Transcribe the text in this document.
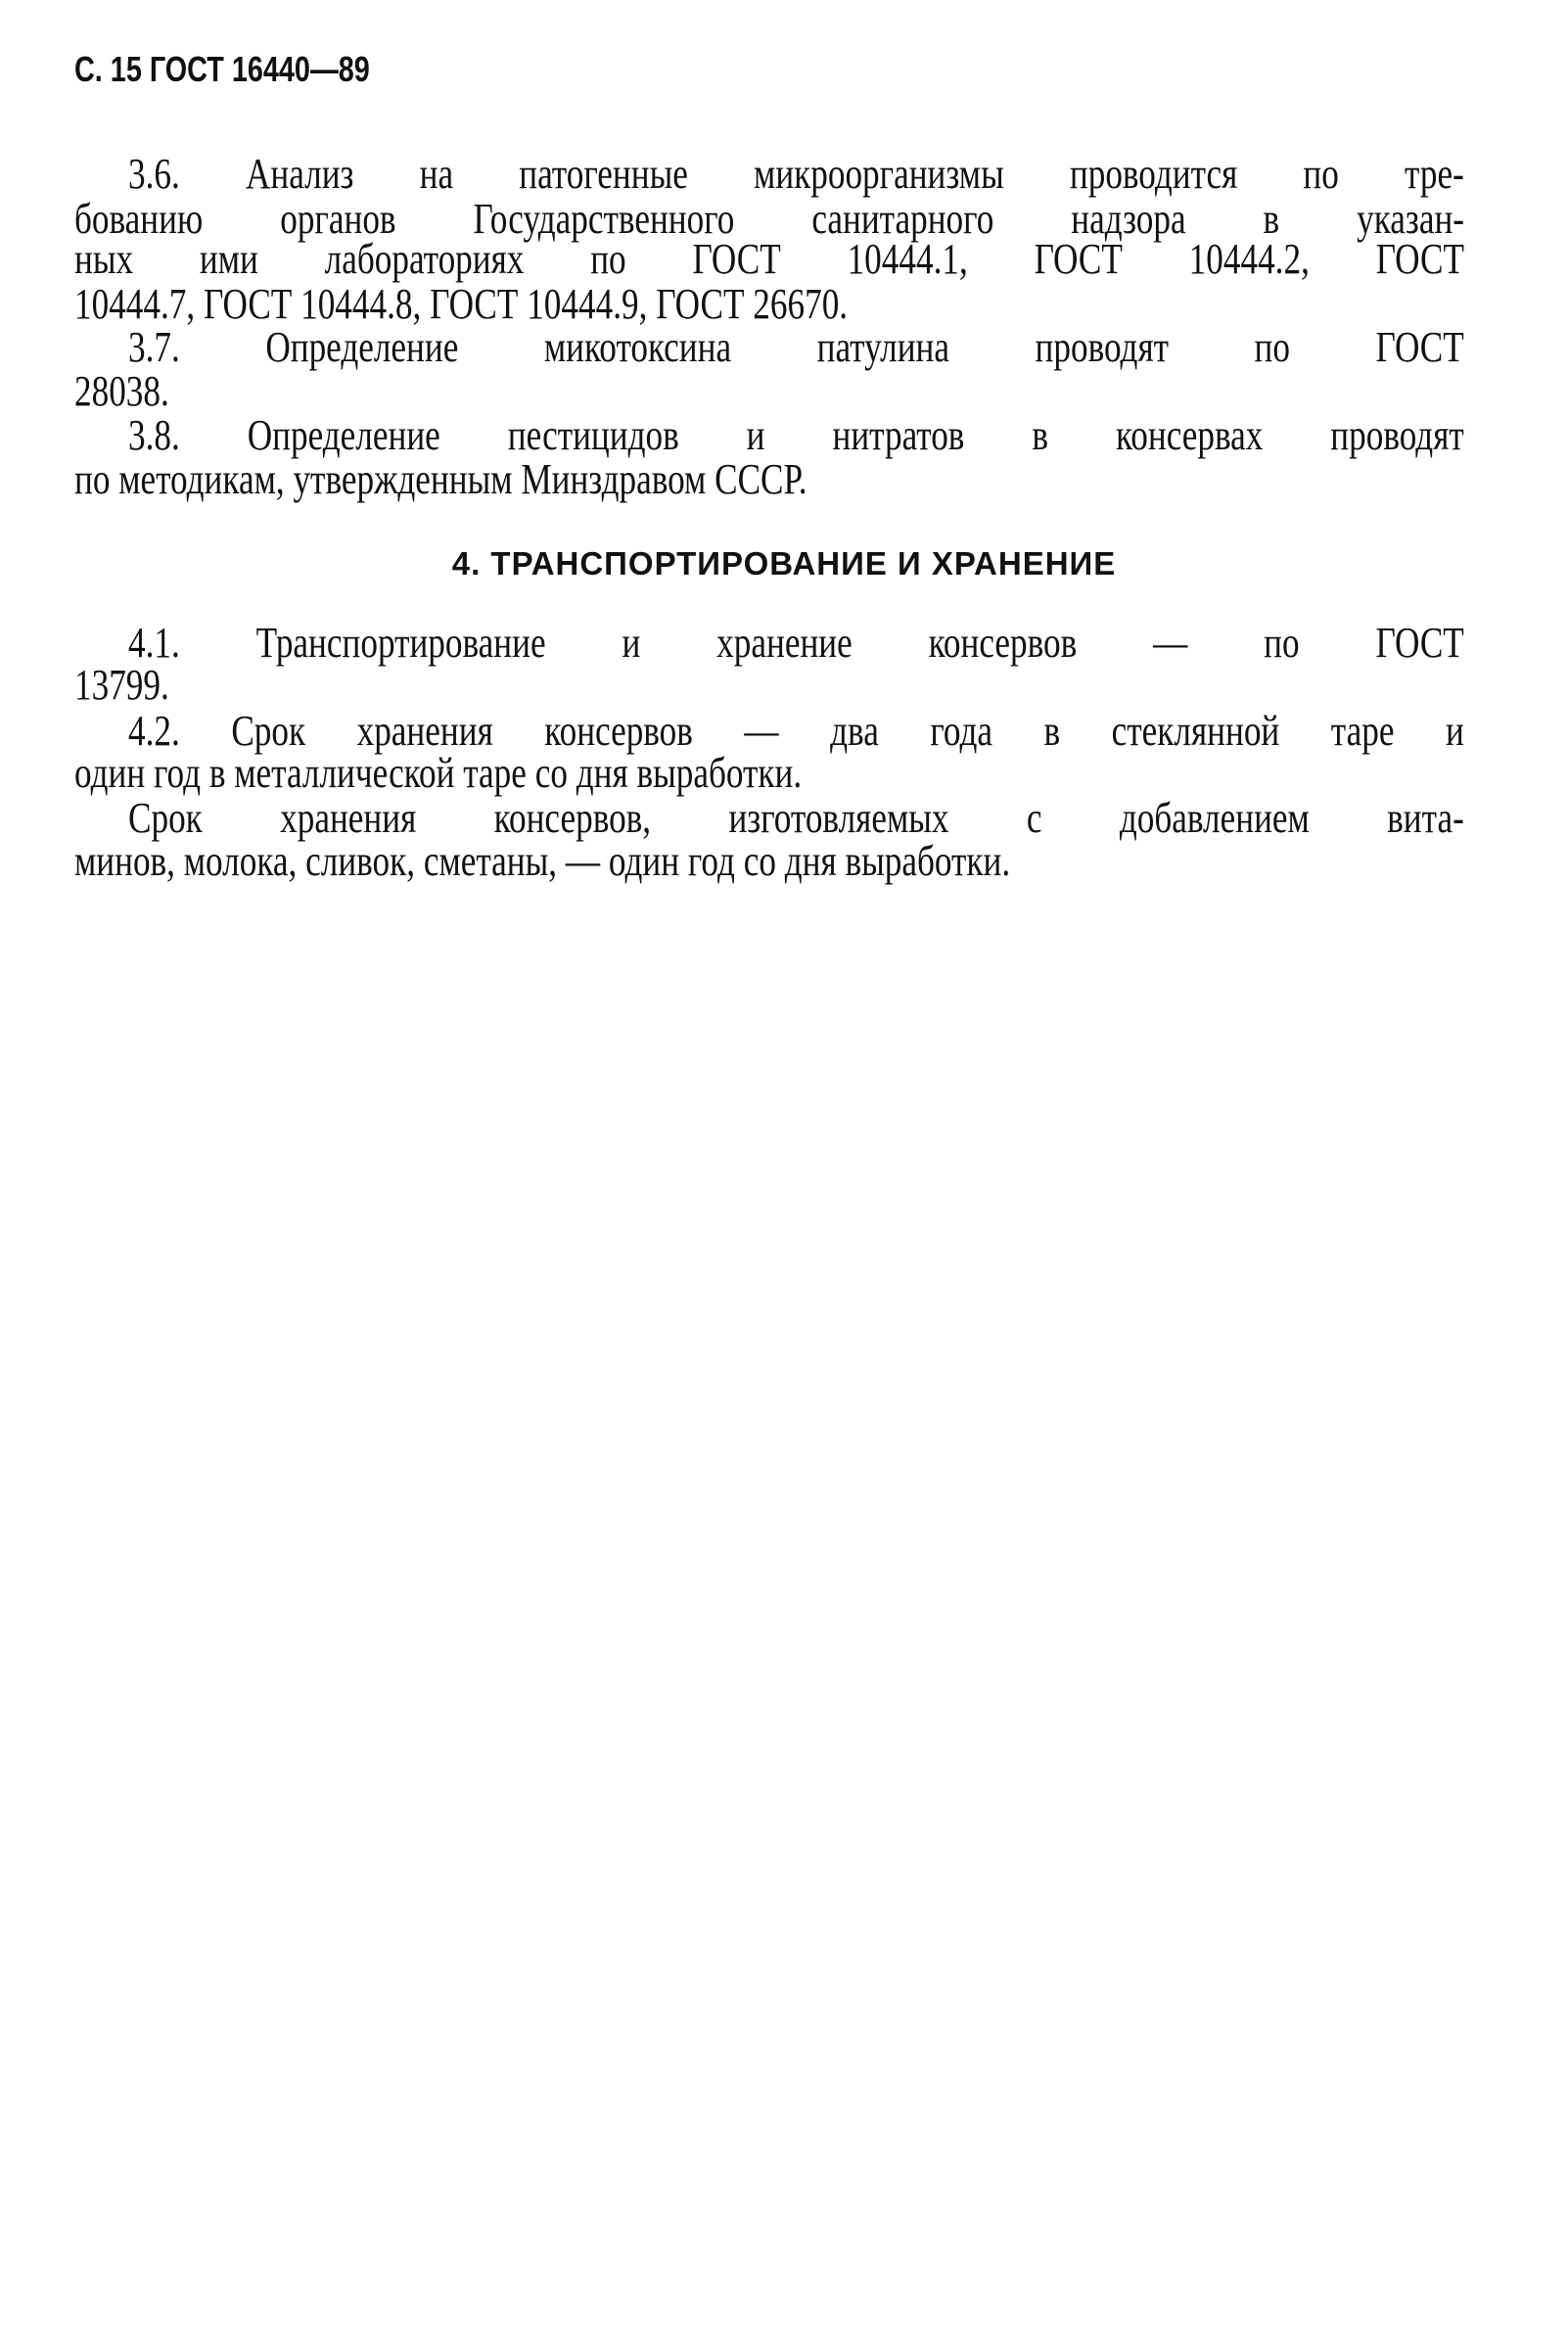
С. 15 ГОСТ 16440—89
3.6. Анализ на патогенные микроорганизмы проводится по тре-
бованию органов Государственного санитарного надзора в указан-
ных ими лабораториях по ГОСТ 10444.1, ГОСТ 10444.2, ГОСТ
10444.7, ГОСТ 10444.8, ГОСТ 10444.9, ГОСТ 26670.
3.7. Определение микотоксина патулина проводят по ГОСТ
28038.
3.8. Определение пестицидов и нитратов в консервах проводят
по методикам, утвержденным Минздравом СССР.
4. ТРАНСПОРТИРОВАНИЕ И ХРАНЕНИЕ
4.1. Транспортирование и хранение консервов — по ГОСТ
13799.
4.2. Срок хранения консервов — два года в стеклянной таре и
один год в металлической таре со дня выработки.
Срок хранения консервов, изготовляемых с добавлением вита-
минов, молока, сливок, сметаны, — один год со дня выработки.
